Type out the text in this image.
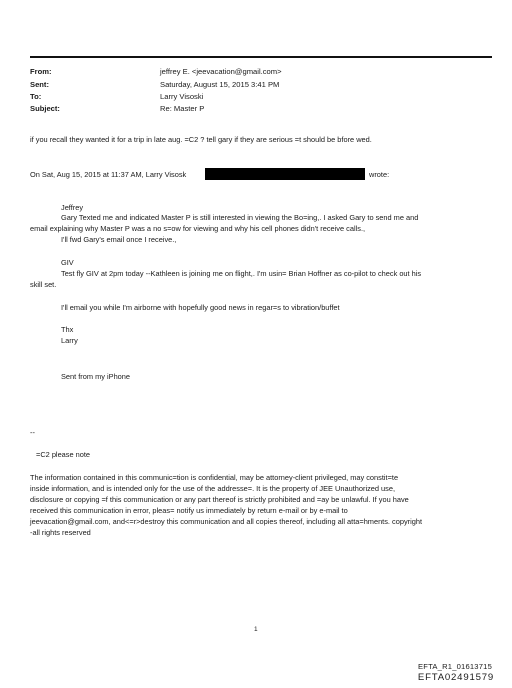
From:	jeffrey E. <jeevacation@gmail.com>
Sent:	Saturday, August 15, 2015 3:41 PM
To:	Larry Visoski
Subject:	Re: Master P
if you recall they wanted it for a trip in late aug. =C2 ? tell gary if they are serious =t should be bfore wed.
On Sat, Aug 15, 2015 at 11:37 AM, Larry Visosk	wrote:
Jeffrey
Gary Texted me and indicated Master P is still interested in viewing the Bo=ing,. I asked Gary to send me and
email explaining why Master P was a no s=ow for viewing and why his cell phones didn't receive calls.,
I'll fwd Gary's email once I receive.,
GIV
Test fly GIV at 2pm today --Kathleen is joining me on flight,. I'm usin= Brian Hoffner as co-pilot to check out his
skill set.
I'll email you while I'm airborne with hopefully good news in regar=s to vibration/buffet
Thx
Larry
Sent from my iPhone
--
=C2 please note
The information contained in this communic=tion is confidential, may be attorney-client privileged, may constit=te
inside information, and is intended only for the use of the addresse=. It is the property of JEE Unauthorized use,
disclosure or copying =f this communication or any part thereof is strictly prohibited and =ay be unlawful. If you have
received this communication in error, pleas= notify us immediately by return e-mail or by e-mail to
jeevacation@gmail.com, and<=r>destroy this communication and all copies thereof, including all atta=hments. copyright
-all rights reserved
1
EFTA_R1_01613715
EFTA02491579
